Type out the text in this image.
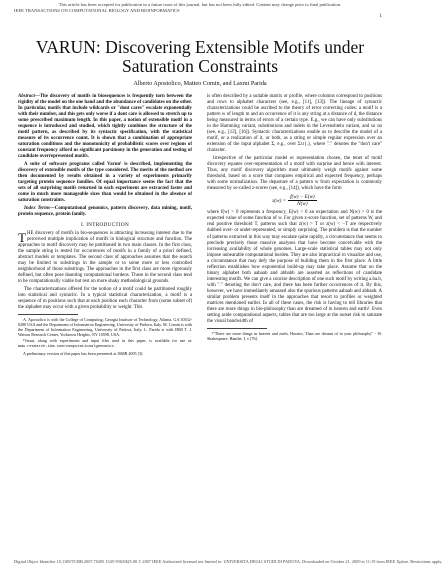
This article has been accepted for publication in a future issue of this journal, but has not been fully edited. Content may change prior to final publication.
IEEE TRANSACTIONS ON COMPUTATIONAL BIOLOGY AND BIOINFORMATICS
1
VARUN: Discovering Extensible Motifs under Saturation Constraints
Alberto Apostolico, Matteo Comin, and Laxmi Parida

Abstract—The discovery of motifs in biosequences is frequently torn between the rigidity of the model on the one hand and the abundance of candidates on the other. In particular, motifs that include wildcards or "dont cares" escalate exponentially with their number, and this gets only worse if a dont care is allowed to stretch up to some prescribed maximum length. In this paper, a notion of extensible motif in a sequence is introduced and studied, which tightly combines the structure of the motif pattern, as described by its syntactic specification, with the statistical measure of its occurrence count. It is shown that a combination of appropriate saturation conditions and the monotonicity of probabilistic scores over regions of constant frequency afford us significant parsimony in the generation and testing of candidate overrepresented motifs.

A suite of software programs called Varun¹ is described, implementing the discovery of extensible motifs of the type considered. The merits of the method are then documented by results obtained in a variety of experiments primarily targeting protein sequence families. Of equal importance seems the fact that the sets of all surprising motifs returned in each experiment are extracted faster and come in much more manageable sizes than would be obtained in the absence of saturation constraints.

Index Terms—Computational genomics, pattern discovery, data mining, motif, protein sequence, protein family.

I. INTRODUCTION

THE discovery of motifs in bio-sequences is attracting increasing interest due to the perceived multiple implication of motifs in biological structure and function. The approaches to motif discovery may be partitioned in two main classes. In the first class, the sample string is tested for occurrences of motifs in a family of a priori defined, abstract models or templates. The second class of approaches assumes that the search may be limited to substrings in the sample or to some more or less controlled neighborhood of those substrings. The approaches in the first class are more rigorously defined, but often pose daunting computational burdens. Those in the second class tend to be computationally viable but rest on more shaky methodological grounds.

The characterizations offered for the notion of a motif could be partitioned roughly into statistical and syntactic. In a typical statistical characterization, a motif is a sequence of m positions such that at each position each character from (some subset of) the alphabet may occur with a given probability or weight. This

A. Apostolico is with the College of Computing, Georgia Institute of Technology, Atlanta, GA 30332-0280 USA and the Department of Information Engineering, University of Padova, Italy. M. Comin is with the Department of Information Engineering, University of Padova, Italy. L. Parida is with IBM T. J. Watson Research Center, Yorktown Heights, NY 10598, USA.

¹Varun, along with experiments and input files used in this paper, is available for use at: www.research.ibm.com/computationalgenomics.

A preliminary version of this paper has been presented at ISMB 2005 [3].

is often described by a suitable matrix or profile, where columns correspond to positions and rows to alphabet characters (see, e.g., [11], [13]). The lineage of syntactic characterizations could be ascribed to the theory of error correcting codes: a motif is a pattern w of length m and an occurrence of it is any string at a distance of d, the distance being measured in terms of errors of a certain type. E.g., we can have only substitutions in the Hamming variant, substitutions and indels in the Levenshtein variant, and so on (see, e.g., [12], [16]). Syntactic characterizations enable us to describe the model of a motif, or a realization of it, or both, as a string or simple regular expression over an extension of the input alphabet Σ, e.g., over Σ∪{.}, where "." denotes the "don't care" character.

Irrespective of the particular model or representation chosen, the tenet of motif discovery equates over-representation of a motif with surprise and hence with interest. Thus, any motif discovery algorithm must ultimately weigh motifs against some threshold, based on a score that compares empirical and expected frequency, perhaps with some normalization. The departure of a pattern w from expectation is commonly measured by so-called z-scores (see, e.g., [14]), which have the form

$z(w) = \frac{f(w) - E(w)}{N(w)}$

where f(w) > 0 represents a frequency, E(w) > 0 an expectation and N(w) > 0 is the expected value of some function of w. For given z-score function, set of patterns W, and real positive threshold T, patterns such that z(w) > T or z(w) < −T are respectively dubbed over- or under-represented, or simply surprising. The problem is that the number of patterns extracted in this way may escalate quite rapidly, a circumstance that seems to preclude precisely those massive analyses that have become conceivable with the increasing availability of whole genomes. Large-scale statistical tables may not only impose unbearable computational burden. They are also impractical to visualize and use, a circumstance that may defy the purpose of building them in the first place. A little reflection establishes how exponential build-up may take place. Assume that on the binary alphabet both aabaab and abbabb are asserted as reflections of candidate interesting motifs. We can give a concise description of one such motif by writing a.ba.b, with "." denoting the don't care, and there has been further occurrences of it. By this, however, we have immediately amassed also the spurious patterns aabaab and abbaab. A similar problem presents itself in the approaches that resort to profiles or weighted matrices mentioned earlier. In all of these cases, the risk is having to tell libraries that there are more things in bio-philosophy than are dreamed of in heaven and earth². Even setting aside computational aspects, tables that are too large at the outset risk to saturate the visual bandwidth of

²"There are more things in heaven and earth, Horatio, Than are dreamt of in your philosophy" - W. Shakespeare, Hamlet, I, v [76].

Digital Object Identifier 10.1109/TCBB.2007.70205 1545-5963/$25.00 © 2007 IEEE Authorized licensed use limited to: UNIVERSITA DEGLI STUDI DI PADOVA. Downloaded on October 21, 2009 at 11:19 from IEEE Xplore. Restrictions apply.
